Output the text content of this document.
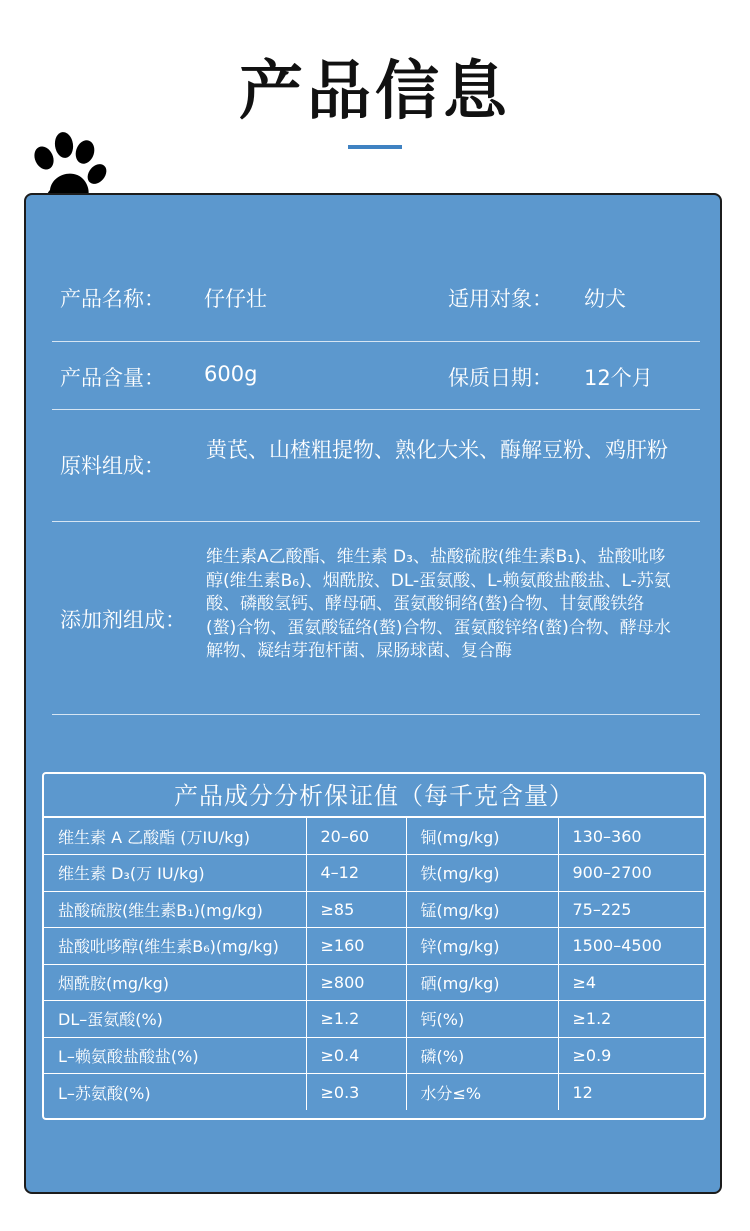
产品信息
产品名称： 仔仔壮	适用对象： 幼犬
产品含量： 600g	保质日期： 12个月
原料组成：
黄芪、山楂粗提物、熟化大米、酶解豆粉、鸡肝粉
添加剂组成：
维生素A乙酸酯、维生素 D₃、盐酸硫胺(维生素B₁)、盐酸吡哆醇(维生素B₆)、烟酰胺、DL-蛋氨酸、L-赖氨酸盐酸盐、L-苏氨酸、磷酸氢钙、酵母硒、蛋氨酸铜络(螯)合物、甘氨酸铁络(螯)合物、蛋氨酸锰络(螯)合物、蛋氨酸锌络(螯)合物、酵母水解物、凝结芽孢杆菌、屎肠球菌、复合酶
产品成分分析保证值（每千克含量）
维生素 A 乙酸酯 (万IU/kg)	20–60	铜(mg/kg)	130–360
维生素 D₃(万 IU/kg)	4–12	铁(mg/kg)	900–2700
盐酸硫胺(维生素B₁)(mg/kg)	≥85	锰(mg/kg)	75–225
盐酸吡哆醇(维生素B₆)(mg/kg)	≥160	锌(mg/kg)	1500–4500
烟酰胺(mg/kg)	≥800	硒(mg/kg)	≥4
DL–蛋氨酸(%)	≥1.2	钙(%)	≥1.2
L–赖氨酸盐酸盐(%)	≥0.4	磷(%)	≥0.9
L–苏氨酸(%)	≥0.3	水分≤%	12
